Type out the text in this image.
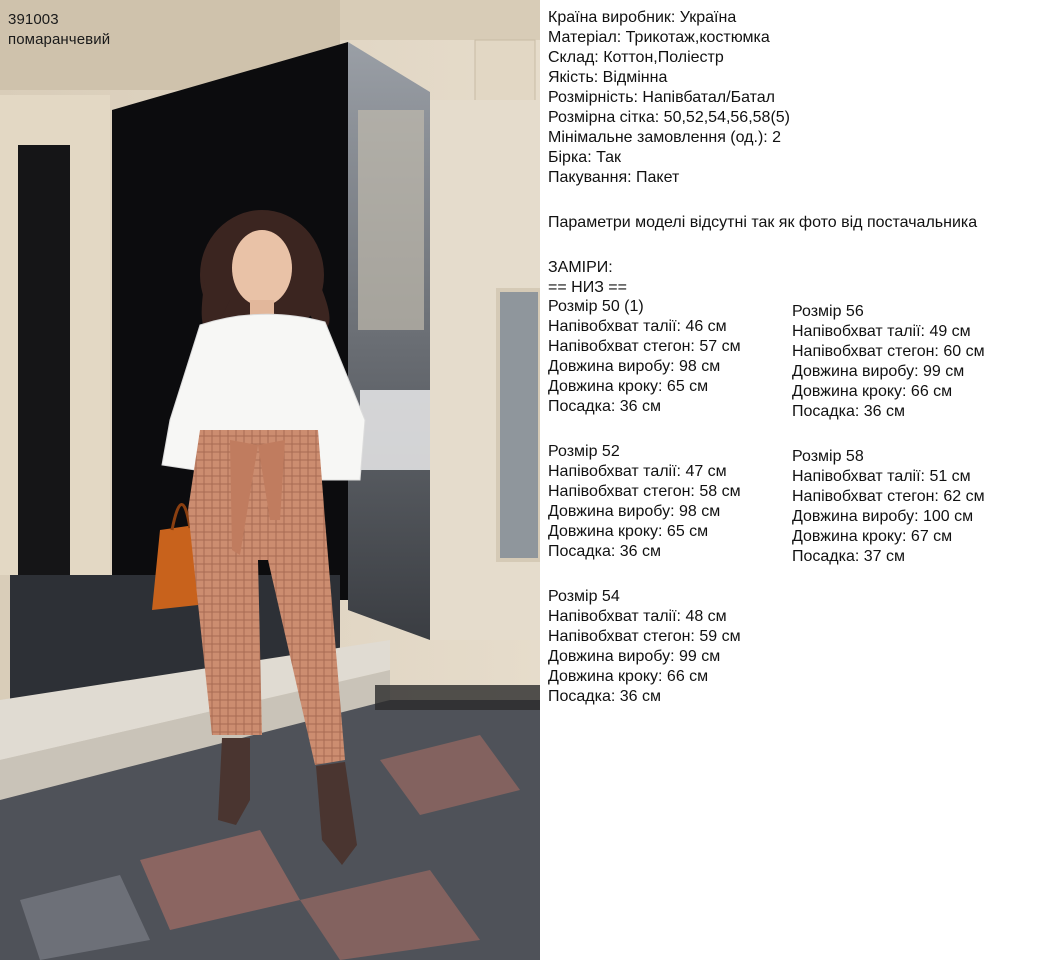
391003
помаранчевий
Країна виробник: Україна
Матеріал: Трикотаж,костюмка
Склад: Коттон,Поліестр
Якість: Відмінна
Розмірність: Напівбатал/Батал
Розмірна сітка: 50,52,54,56,58(5)
Мінімальне замовлення (од.): 2
Бірка: Так
Пакування: Пакет
Параметри моделі відсутні так як фото від постачальника
ЗАМІРИ:
== НИЗ ==
Розмір 50 (1)
Напівобхват талії: 46 см
Напівобхват стегон: 57 см
Довжина виробу: 98 см
Довжина кроку: 65 см
Посадка: 36 см
Розмір 52
Напівобхват талії: 47 см
Напівобхват стегон: 58 см
Довжина виробу: 98 см
Довжина кроку: 65 см
Посадка: 36 см
Розмір 54
Напівобхват талії: 48 см
Напівобхват стегон: 59 см
Довжина виробу: 99 см
Довжина кроку: 66 см
Посадка: 36 см
Розмір 56
Напівобхват талії: 49 см
Напівобхват стегон: 60 см
Довжина виробу: 99 см
Довжина кроку: 66 см
Посадка: 36 см
Розмір 58
Напівобхват талії: 51 см
Напівобхват стегон: 62 см
Довжина виробу: 100 см
Довжина кроку: 67 см
Посадка: 37 см
